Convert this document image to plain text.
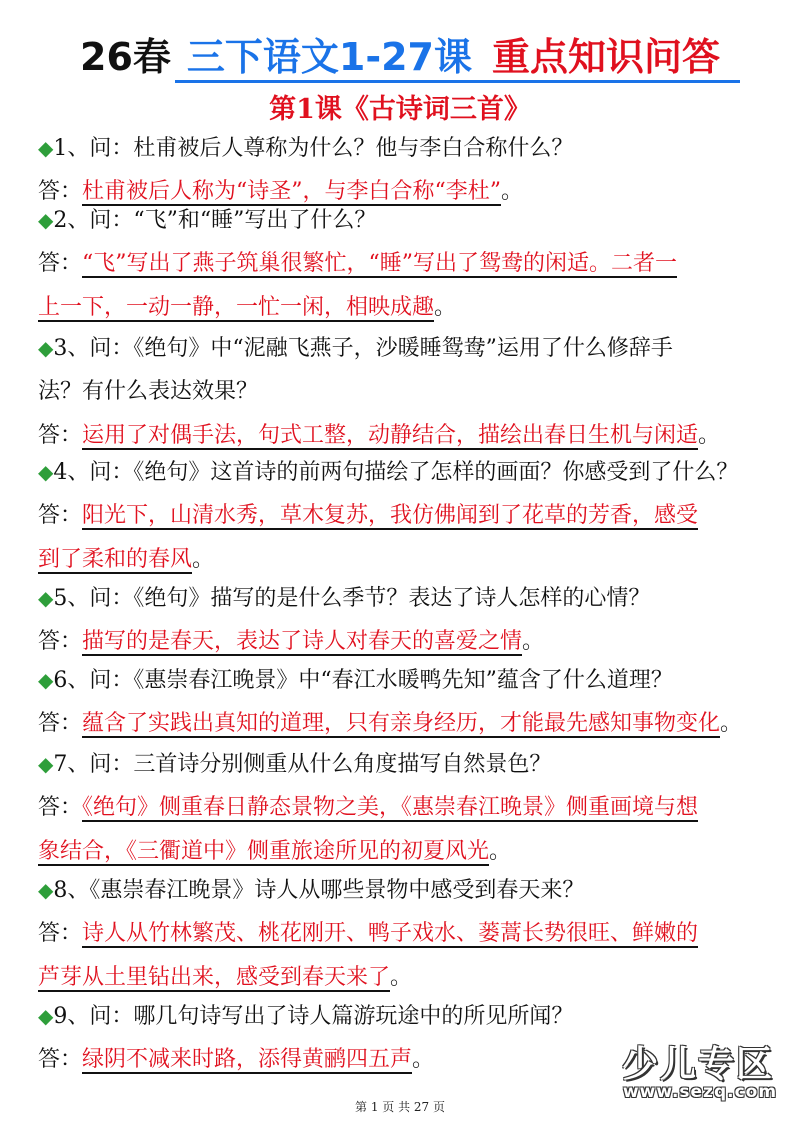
26春 三下语文1-27课 重点知识问答
第1课《古诗词三首》
◆1、问：杜甫被后人尊称为什么？他与李白合称什么？
答：杜甫被后人称为“诗圣”，与李白合称“李杜”。
◆2、问：“飞”和“睡”写出了什么？
答：“飞”写出了燕子筑巢很繁忙，“睡”写出了鸳鸯的闲适。二者一
上一下，一动一静，一忙一闲，相映成趣。
◆3、问：《绝句》中“泥融飞燕子，沙暖睡鸳鸯”运用了什么修辞手
法？有什么表达效果？
答：运用了对偶手法，句式工整，动静结合，描绘出春日生机与闲适。
◆4、问：《绝句》这首诗的前两句描绘了怎样的画面？你感受到了什么？
答：阳光下，山清水秀，草木复苏，我仿佛闻到了花草的芳香，感受
到了柔和的春风。
◆5、问：《绝句》描写的是什么季节？表达了诗人怎样的心情？
答：描写的是春天，表达了诗人对春天的喜爱之情。
◆6、问：《惠崇春江晚景》中“春江水暖鸭先知”蕴含了什么道理？
答：蕴含了实践出真知的道理，只有亲身经历，才能最先感知事物变化。
◆7、问：三首诗分别侧重从什么角度描写自然景色？
答：《绝句》侧重春日静态景物之美，《惠崇春江晚景》侧重画境与想
象结合，《三衢道中》侧重旅途所见的初夏风光。
◆8、《惠崇春江晚景》诗人从哪些景物中感受到春天来？
答：诗人从竹林繁茂、桃花刚开、鸭子戏水、蒌蒿长势很旺、鲜嫩的
芦芽从土里钻出来，感受到春天来了。
◆9、问：哪几句诗写出了诗人篇游玩途中的所见所闻？
答：绿阴不减来时路，添得黄鹂四五声。	少儿专区
www.sezq.com
第 1 页 共 27 页
